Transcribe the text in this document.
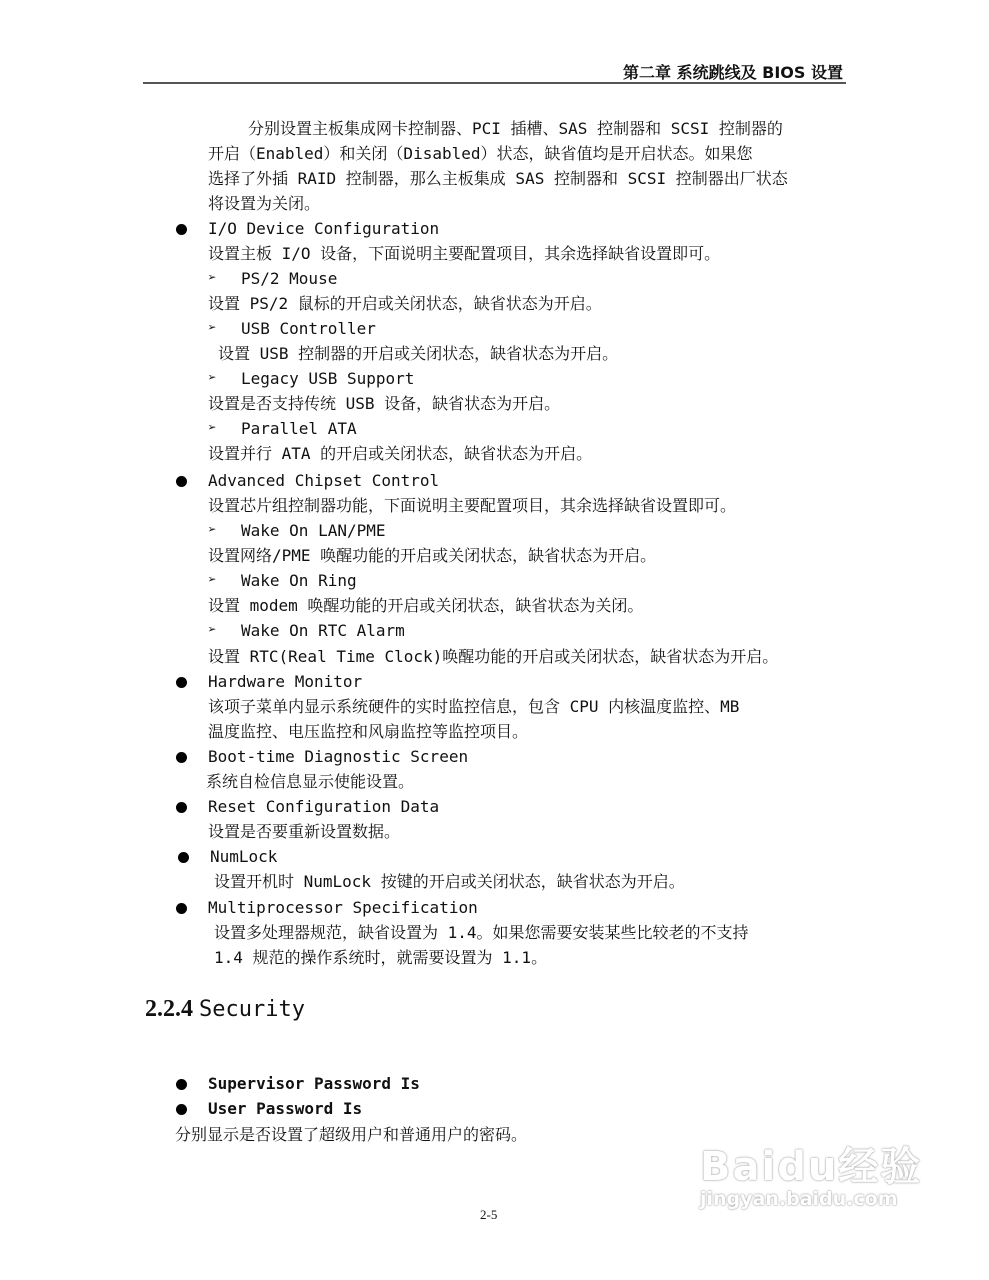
第二章 系统跳线及 BIOS 设置
分别设置主板集成网卡控制器、PCI 插槽、SAS 控制器和 SCSI 控制器的
开启（Enabled）和关闭（Disabled）状态，缺省值均是开启状态。如果您
选择了外插 RAID 控制器，那么主板集成 SAS 控制器和 SCSI 控制器出厂状态
将设置为关闭。
I/O Device Configuration
设置主板 I/O 设备，下面说明主要配置项目，其余选择缺省设置即可。
➢ PS/2 Mouse
设置 PS/2 鼠标的开启或关闭状态，缺省状态为开启。
➢ USB Controller
设置 USB 控制器的开启或关闭状态，缺省状态为开启。
➢ Legacy USB Support
设置是否支持传统 USB 设备，缺省状态为开启。
➢ Parallel ATA
设置并行 ATA 的开启或关闭状态，缺省状态为开启。
Advanced Chipset Control
设置芯片组控制器功能，下面说明主要配置项目，其余选择缺省设置即可。
➢ Wake On LAN/PME
设置网络/PME 唤醒功能的开启或关闭状态，缺省状态为开启。
➢ Wake On Ring
设置 modem 唤醒功能的开启或关闭状态，缺省状态为关闭。
➢ Wake On RTC Alarm
设置 RTC(Real Time Clock)唤醒功能的开启或关闭状态，缺省状态为开启。
Hardware Monitor
该项子菜单内显示系统硬件的实时监控信息，包含 CPU 内核温度监控、MB
温度监控、电压监控和风扇监控等监控项目。
Boot-time Diagnostic Screen
系统自检信息显示使能设置。
Reset Configuration Data
设置是否要重新设置数据。
NumLock
设置开机时 NumLock 按键的开启或关闭状态，缺省状态为开启。
Multiprocessor Specification
设置多处理器规范，缺省设置为 1.4。如果您需要安装某些比较老的不支持
1.4 规范的操作系统时，就需要设置为 1.1。
2.2.4 Security
Supervisor Password Is
User Password Is
分别显示是否设置了超级用户和普通用户的密码。
2-5
Baidu经验
jingyan.baidu.com
